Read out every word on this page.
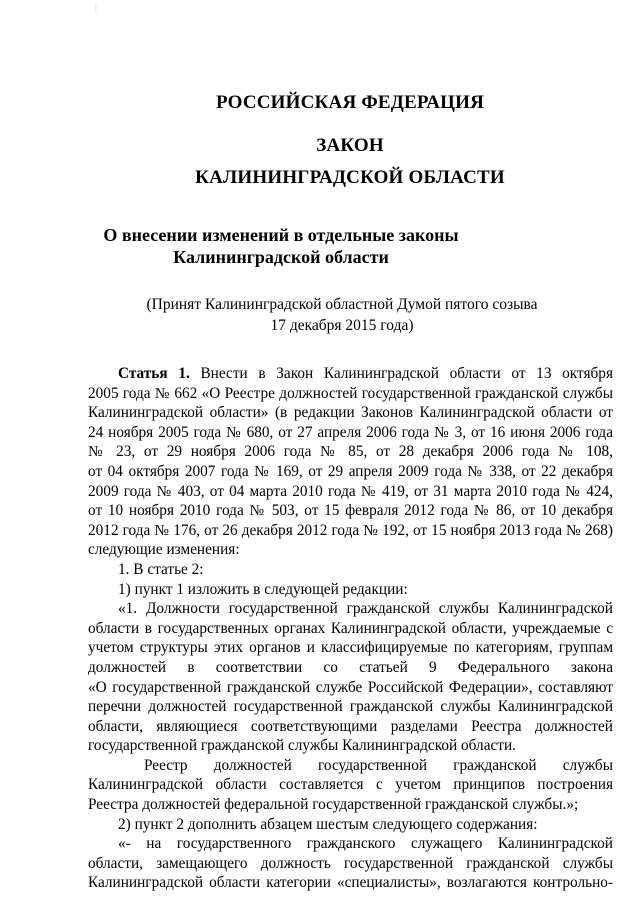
|
РОССИЙСКАЯ ФЕДЕРАЦИЯ
ЗАКОН
КАЛИНИНГРАДСКОЙ ОБЛАСТИ
О внесении изменений в отдельные законы
Калининградской области
(Принят Калининградской областной Думой пятого созыва
17 декабря 2015 года)
Статья 1. Внести в Закон Калининградской области от 13 октября
2005 года № 662 «О Реестре должностей государственной гражданской службы
Калининградской области» (в редакции Законов Калининградской области от
24 ноября 2005 года № 680, от 27 апреля 2006 года № 3, от 16 июня 2006 года
№ 23, от 29 ноября 2006 года № 85, от 28 декабря 2006 года № 108,
от 04 октября 2007 года № 169, от 29 апреля 2009 года № 338, от 22 декабря
2009 года № 403, от 04 марта 2010 года № 419, от 31 марта 2010 года № 424,
от 10 ноября 2010 года № 503, от 15 февраля 2012 года № 86, от 10 декабря
2012 года № 176, от 26 декабря 2012 года № 192, от 15 ноября 2013 года № 268)
следующие изменения:
1. В статье 2:
1) пункт 1 изложить в следующей редакции:
«1. Должности государственной гражданской службы Калининградской
области в государственных органах Калининградской области, учреждаемые с
учетом структуры этих органов и классифицируемые по категориям, группам
должностей в соответствии со статьей 9 Федерального закона
«О государственной гражданской службе Российской Федерации», составляют
перечни должностей государственной гражданской службы Калининградской
области, являющиеся соответствующими разделами Реестра должностей
государственной гражданской службы Калининградской области.
Реестр должностей государственной гражданской службы
Калининградской области составляется с учетом принципов построения
Реестра должностей федеральной государственной гражданской службы.»;
2) пункт 2 дополнить абзацем шестым следующего содержания:
«- на государственного гражданского служащего Калининградской
области, замещающего должность государственной гражданской службы
Калининградской области категории «специалисты», возлагаются контрольно-
